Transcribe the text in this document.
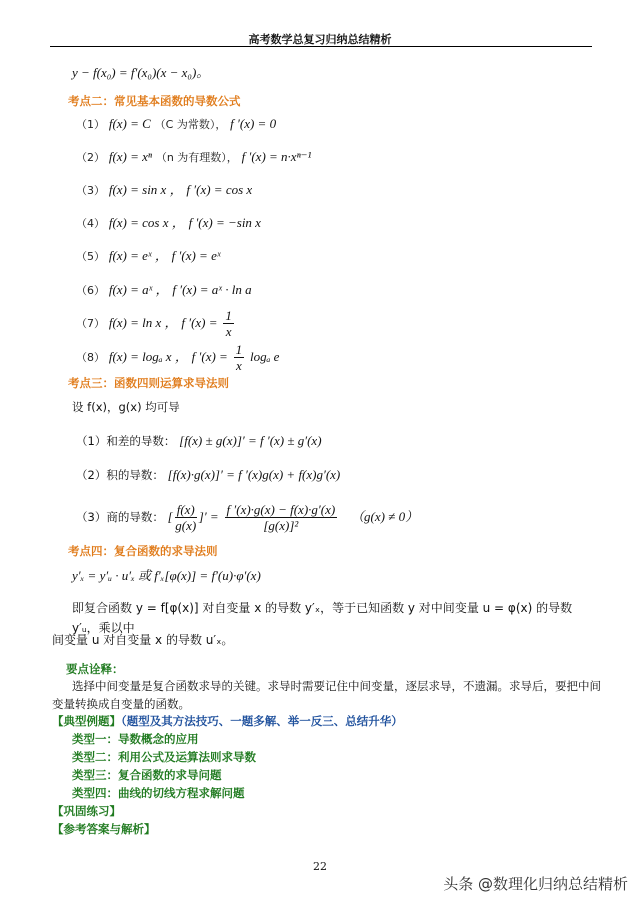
高考数学总复习归纳总结精析
y − f(x₀) = f′(x₀)(x − x₀)。
考点二：常见基本函数的导数公式
（1） f(x) = C （C 为常数）， f ′(x) = 0
（2） f(x) = xⁿ （n 为有理数）， f ′(x) = n·xⁿ⁻¹
（3） f(x) = sin x ， f ′(x) = cos x
（4） f(x) = cos x ， f ′(x) = −sin x
（5） f(x) = eˣ ， f ′(x) = eˣ
（6） f(x) = aˣ ， f ′(x) = aˣ · ln a
（7） f(x) = ln x ， f $'(x) = \frac{1}{x}$
（8） f(x) = logₐ x ， f $'(x) = \frac{1}{x}$ logₐ e
考点三：函数四则运算求导法则
设 f(x)，g(x) 均可导
（1）和差的导数： [f(x) ± g(x)]′ = f ′(x) ± g′(x)
（2）积的导数： [f(x)·g(x)]′ = f ′(x)g(x) + f(x)g′(x)
（3）商的导数： [ $\frac{f(x)}{g(x)}$ ]′ = $\frac{f '(x)\cdot g(x) - f(x)\cdot g'(x)}{\text{[g(x)]²}} (g(x) \ne 0)$
考点四：复合函数的求导法则
y′ₓ = y′ᵤ · u′ₓ 或 f′ₓ[φ(x)] = f′(u)·φ′(x)
即复合函数 y = f[φ(x)] 对自变量 x 的导数 y′ₓ，等于已知函数 y 对中间变量 u = φ(x) 的导数 y′ᵤ，乘以中
间变量 u 对自变量 x 的导数 u′ₓ。
要点诠释：
选择中间变量是复合函数求导的关键。求导时需要记住中间变量，逐层求导，不遗漏。求导后，要把中间
变量转换成自变量的函数。
【典型例题】（题型及其方法技巧、一题多解、举一反三、总结升华）
类型一：导数概念的应用
类型二：利用公式及运算法则求导数
类型三：复合函数的求导问题
类型四：曲线的切线方程求解问题
【巩固练习】
【参考答案与解析】
22
头条 @数理化归纳总结精析
